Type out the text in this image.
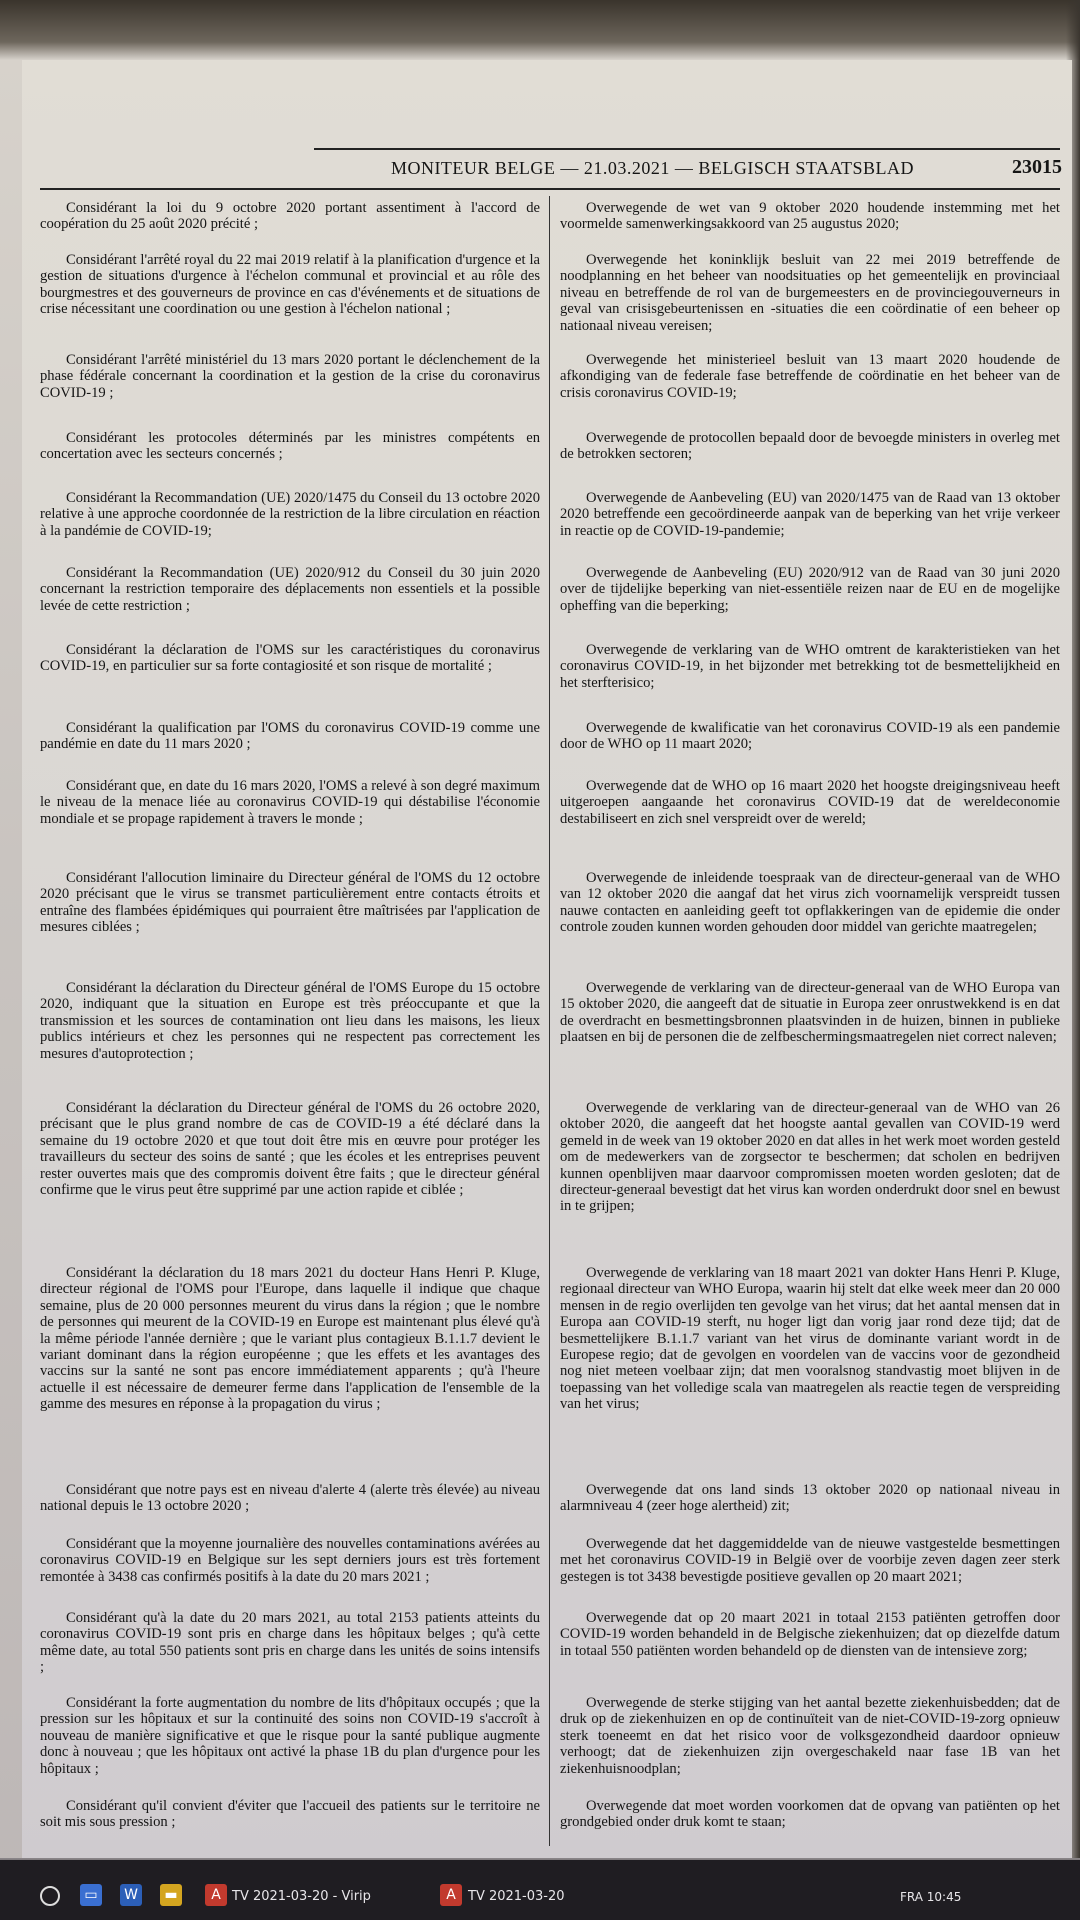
MONITEUR BELGE — 21.03.2021 — BELGISCH STAATSBLAD	23015

Considérant la loi du 9 octobre 2020 portant assentiment à l'accord de coopération du 25 août 2020 précité ;

Considérant l'arrêté royal du 22 mai 2019 relatif à la planification d'urgence et la gestion de situations d'urgence à l'échelon communal et provincial et au rôle des bourgmestres et des gouverneurs de province en cas d'événements et de situations de crise nécessitant une coordination ou une gestion à l'échelon national ;

Considérant l'arrêté ministériel du 13 mars 2020 portant le déclenchement de la phase fédérale concernant la coordination et la gestion de la crise du coronavirus COVID-19 ;

Considérant les protocoles déterminés par les ministres compétents en concertation avec les secteurs concernés ;

Considérant la Recommandation (UE) 2020/1475 du Conseil du 13 octobre 2020 relative à une approche coordonnée de la restriction de la libre circulation en réaction à la pandémie de COVID-19;

Considérant la Recommandation (UE) 2020/912 du Conseil du 30 juin 2020 concernant la restriction temporaire des déplacements non essentiels et la possible levée de cette restriction ;

Considérant la déclaration de l'OMS sur les caractéristiques du coronavirus COVID-19, en particulier sur sa forte contagiosité et son risque de mortalité ;

Considérant la qualification par l'OMS du coronavirus COVID-19 comme une pandémie en date du 11 mars 2020 ;

Considérant que, en date du 16 mars 2020, l'OMS a relevé à son degré maximum le niveau de la menace liée au coronavirus COVID-19 qui déstabilise l'économie mondiale et se propage rapidement à travers le monde ;

Considérant l'allocution liminaire du Directeur général de l'OMS du 12 octobre 2020 précisant que le virus se transmet particulièrement entre contacts étroits et entraîne des flambées épidémiques qui pourraient être maîtrisées par l'application de mesures ciblées ;

Considérant la déclaration du Directeur général de l'OMS Europe du 15 octobre 2020, indiquant que la situation en Europe est très préoccupante et que la transmission et les sources de contamination ont lieu dans les maisons, les lieux publics intérieurs et chez les personnes qui ne respectent pas correctement les mesures d'autoprotection ;

Considérant la déclaration du Directeur général de l'OMS du 26 octobre 2020, précisant que le plus grand nombre de cas de COVID-19 a été déclaré dans la semaine du 19 octobre 2020 et que tout doit être mis en œuvre pour protéger les travailleurs du secteur des soins de santé ; que les écoles et les entreprises peuvent rester ouvertes mais que des compromis doivent être faits ; que le directeur général confirme que le virus peut être supprimé par une action rapide et ciblée ;

Considérant la déclaration du 18 mars 2021 du docteur Hans Henri P. Kluge, directeur régional de l'OMS pour l'Europe, dans laquelle il indique que chaque semaine, plus de 20 000 personnes meurent du virus dans la région ; que le nombre de personnes qui meurent de la COVID-19 en Europe est maintenant plus élevé qu'à la même période l'année dernière ; que le variant plus contagieux B.1.1.7 devient le variant dominant dans la région européenne ; que les effets et les avantages des vaccins sur la santé ne sont pas encore immédiatement apparents ; qu'à l'heure actuelle il est nécessaire de demeurer ferme dans l'application de l'ensemble de la gamme des mesures en réponse à la propagation du virus ;

Considérant que notre pays est en niveau d'alerte 4 (alerte très élevée) au niveau national depuis le 13 octobre 2020 ;

Considérant que la moyenne journalière des nouvelles contaminations avérées au coronavirus COVID-19 en Belgique sur les sept derniers jours est très fortement remontée à 3438 cas confirmés positifs à la date du 20 mars 2021 ;

Considérant qu'à la date du 20 mars 2021, au total 2153 patients atteints du coronavirus COVID-19 sont pris en charge dans les hôpitaux belges ; qu'à cette même date, au total 550 patients sont pris en charge dans les unités de soins intensifs ;

Considérant la forte augmentation du nombre de lits d'hôpitaux occupés ; que la pression sur les hôpitaux et sur la continuité des soins non COVID-19 s'accroît à nouveau de manière significative et que le risque pour la santé publique augmente donc à nouveau ; que les hôpitaux ont activé la phase 1B du plan d'urgence pour les hôpitaux ;

Considérant qu'il convient d'éviter que l'accueil des patients sur le territoire ne soit mis sous pression ;

Overwegende de wet van 9 oktober 2020 houdende instemming met het voormelde samenwerkingsakkoord van 25 augustus 2020;

Overwegende het koninklijk besluit van 22 mei 2019 betreffende de noodplanning en het beheer van noodsituaties op het gemeentelijk en provinciaal niveau en betreffende de rol van de burgemeesters en de provinciegouverneurs in geval van crisisgebeurtenissen en -situaties die een coördinatie of een beheer op nationaal niveau vereisen;

Overwegende het ministerieel besluit van 13 maart 2020 houdende de afkondiging van de federale fase betreffende de coördinatie en het beheer van de crisis coronavirus COVID-19;

Overwegende de protocollen bepaald door de bevoegde ministers in overleg met de betrokken sectoren;

Overwegende de Aanbeveling (EU) van 2020/1475 van de Raad van 13 oktober 2020 betreffende een gecoördineerde aanpak van de beperking van het vrije verkeer in reactie op de COVID-19-pandemie;

Overwegende de Aanbeveling (EU) 2020/912 van de Raad van 30 juni 2020 over de tijdelijke beperking van niet-essentiële reizen naar de EU en de mogelijke opheffing van die beperking;

Overwegende de verklaring van de WHO omtrent de karakteristieken van het coronavirus COVID-19, in het bijzonder met betrekking tot de besmettelijkheid en het sterfterisico;

Overwegende de kwalificatie van het coronavirus COVID-19 als een pandemie door de WHO op 11 maart 2020;

Overwegende dat de WHO op 16 maart 2020 het hoogste dreigingsniveau heeft uitgeroepen aangaande het coronavirus COVID-19 dat de wereldeconomie destabiliseert en zich snel verspreidt over de wereld;

Overwegende de inleidende toespraak van de directeur-generaal van de WHO van 12 oktober 2020 die aangaf dat het virus zich voornamelijk verspreidt tussen nauwe contacten en aanleiding geeft tot opflakkeringen van de epidemie die onder controle zouden kunnen worden gehouden door middel van gerichte maatregelen;

Overwegende de verklaring van de directeur-generaal van de WHO Europa van 15 oktober 2020, die aangeeft dat de situatie in Europa zeer onrustwekkend is en dat de overdracht en besmettingsbronnen plaatsvinden in de huizen, binnen in publieke plaatsen en bij de personen die de zelfbeschermingsmaatregelen niet correct naleven;

Overwegende de verklaring van de directeur-generaal van de WHO van 26 oktober 2020, die aangeeft dat het hoogste aantal gevallen van COVID-19 werd gemeld in de week van 19 oktober 2020 en dat alles in het werk moet worden gesteld om de medewerkers van de zorgsector te beschermen; dat scholen en bedrijven kunnen openblijven maar daarvoor compromissen moeten worden gesloten; dat de directeur-generaal bevestigt dat het virus kan worden onderdrukt door snel en bewust in te grijpen;

Overwegende de verklaring van 18 maart 2021 van dokter Hans Henri P. Kluge, regionaal directeur van WHO Europa, waarin hij stelt dat elke week meer dan 20 000 mensen in de regio overlijden ten gevolge van het virus; dat het aantal mensen dat in Europa aan COVID-19 sterft, nu hoger ligt dan vorig jaar rond deze tijd; dat de besmettelijkere B.1.1.7 variant van het virus de dominante variant wordt in de Europese regio; dat de gevolgen en voordelen van de vaccins voor de gezondheid nog niet meteen voelbaar zijn; dat men vooralsnog standvastig moet blijven in de toepassing van het volledige scala van maatregelen als reactie tegen de verspreiding van het virus;

Overwegende dat ons land sinds 13 oktober 2020 op nationaal niveau in alarmniveau 4 (zeer hoge alertheid) zit;

Overwegende dat het daggemiddelde van de nieuwe vastgestelde besmettingen met het coronavirus COVID-19 in België over de voorbije zeven dagen zeer sterk gestegen is tot 3438 bevestigde positieve gevallen op 20 maart 2021;

Overwegende dat op 20 maart 2021 in totaal 2153 patiënten getroffen door COVID-19 worden behandeld in de Belgische ziekenhuizen; dat op diezelfde datum in totaal 550 patiënten worden behandeld op de diensten van de intensieve zorg;

Overwegende de sterke stijging van het aantal bezette ziekenhuisbedden; dat de druk op de ziekenhuizen en op de continuïteit van de niet-COVID-19-zorg opnieuw sterk toeneemt en dat het risico voor de volksgezondheid daardoor opnieuw verhoogt; dat de ziekenhuizen zijn overgeschakeld naar fase 1B van het ziekenhuisnoodplan;

Overwegende dat moet worden voorkomen dat de opvang van patiënten op het grondgebied onder druk komt te staan;

▭	W	▬	A TV 2021-03-20 - Virip	A TV 2021-03-20	FRA 10:45
